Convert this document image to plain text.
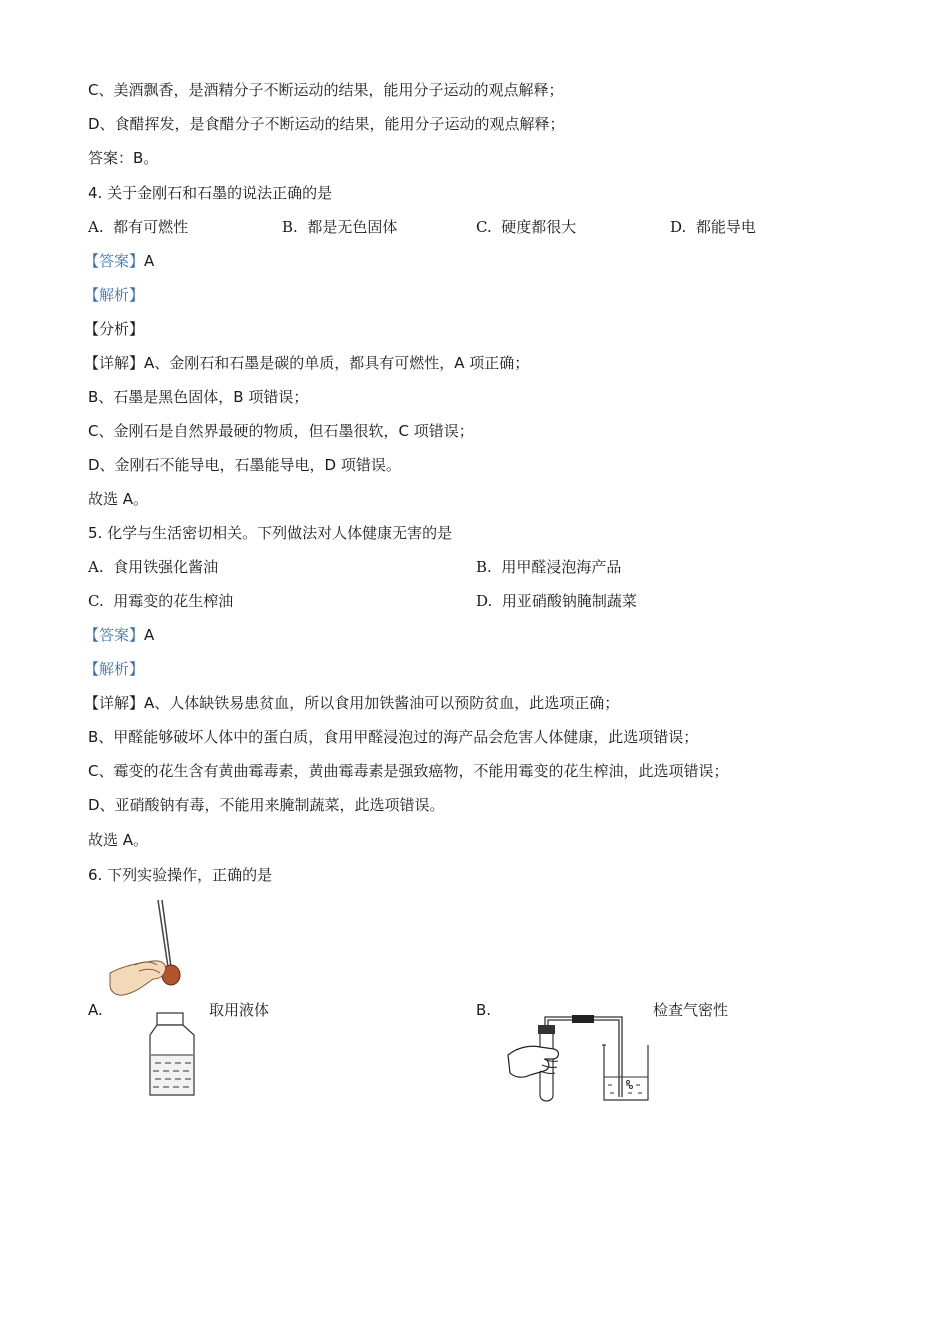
C、美酒飘香，是酒精分子不断运动的结果，能用分子运动的观点解释；
D、食醋挥发，是食醋分子不断运动的结果，能用分子运动的观点解释；
答案：B。
4. 关于金刚石和石墨的说法正确的是
A. 都有可燃性	B. 都是无色固体	C. 硬度都很大	D. 都能导电
【答案】A
【解析】
【分析】
【详解】A、金刚石和石墨是碳的单质，都具有可燃性，A 项正确；
B、石墨是黑色固体，B 项错误；
C、金刚石是自然界最硬的物质，但石墨很软，C 项错误；
D、金刚石不能导电，石墨能导电，D 项错误。
故选 A。
5. 化学与生活密切相关。下列做法对人体健康无害的是
A. 食用铁强化酱油	B. 用甲醛浸泡海产品
C. 用霉变的花生榨油	D. 用亚硝酸钠腌制蔬菜
【答案】A
【解析】
【详解】A、人体缺铁易患贫血，所以食用加铁酱油可以预防贫血，此选项正确；
B、甲醛能够破坏人体中的蛋白质，食用甲醛浸泡过的海产品会危害人体健康，此选项错误；
C、霉变的花生含有黄曲霉毒素，黄曲霉毒素是强致癌物，不能用霉变的花生榨油，此选项错误；
D、亚硝酸钠有毒，不能用来腌制蔬菜，此选项错误。
故选 A。
6. 下列实验操作，正确的是
A.	取用液体	B.	检查气密性
